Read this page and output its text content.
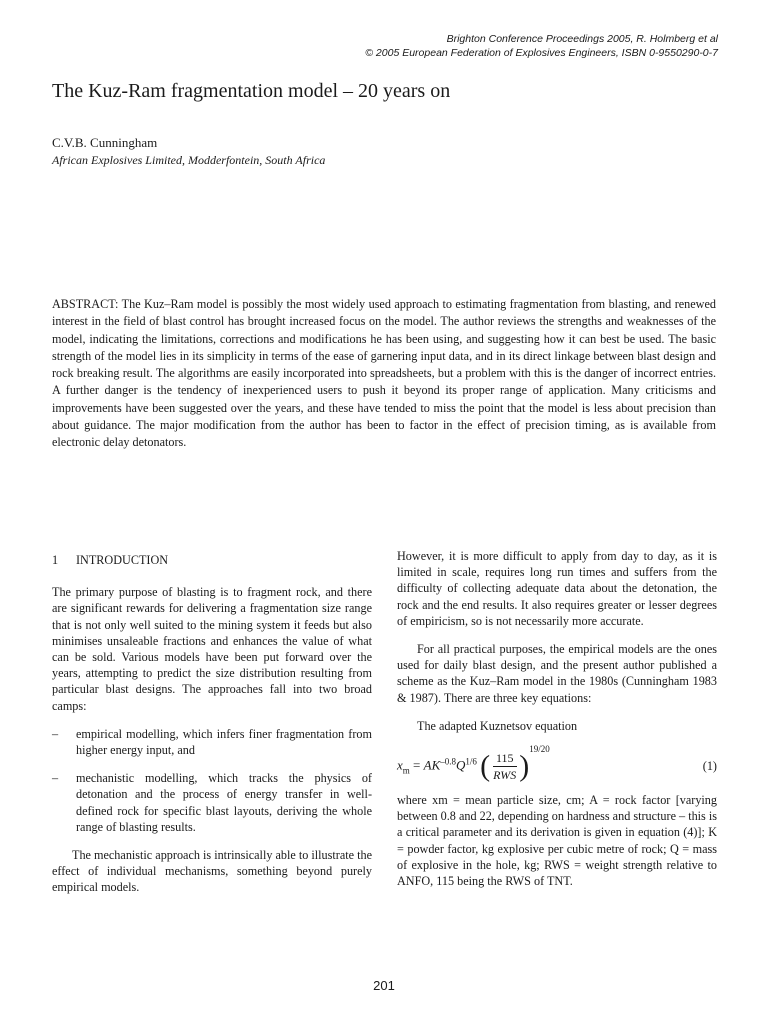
Brighton Conference Proceedings 2005, R. Holmberg et al
© 2005 European Federation of Explosives Engineers, ISBN 0-9550290-0-7
The Kuz-Ram fragmentation model – 20 years on
C.V.B. Cunningham
African Explosives Limited, Modderfontein, South Africa

ABSTRACT: The Kuz–Ram model is possibly the most widely used approach to estimating fragmentation from blasting, and renewed interest in the field of blast control has brought increased focus on the model. The author reviews the strengths and weaknesses of the model, indicating the limitations, corrections and modifications he has been using, and suggesting how it can best be used. The basic strength of the model lies in its simplicity in terms of the ease of garnering input data, and in its direct linkage between blast design and rock breaking result. The algorithms are easily incorporated into spreadsheets, but a problem with this is the danger of incorrect entries. A further danger is the tendency of inexperienced users to push it beyond its proper range of application. Many criticisms and improvements have been suggested over the years, and these have tended to miss the point that the model is less about precision than about guidance. The major modification from the author has been to factor in the effect of precision timing, as is available from electronic delay detonators.

1 INTRODUCTION

The primary purpose of blasting is to fragment rock, and there are significant rewards for delivering a fragmentation size range that is not only well suited to the mining system it feeds but also minimises unsaleable fractions and enhances the value of what can be sold. Various models have been put forward over the years, attempting to predict the size distribution resulting from particular blast designs. The approaches fall into two broad camps:

–	empirical modelling, which infers finer fragmentation from higher energy input, and
–	mechanistic modelling, which tracks the physics of detonation and the process of energy transfer in well-defined rock for specific blast layouts, deriving the whole range of blasting results.

The mechanistic approach is intrinsically able to illustrate the effect of individual mechanisms, something beyond purely empirical models.

However, it is more difficult to apply from day to day, as it is limited in scale, requires long run times and suffers from the difficulty of collecting adequate data about the detonation, the rock and the end results. It also requires greater or lesser degrees of empiricism, so is not necessarily more accurate.

For all practical purposes, the empirical models are the ones used for daily blast design, and the present author published a scheme as the Kuz–Ram model in the 1980s (Cunningham 1983 & 1987). There are three key equations:

The adapted Kuznetsov equation

$x_m = AK^{-0.8}Q^{1/6}$ ( $\frac{115}{\text{RWS}} )^{19/20}$
(1)

where xm = mean particle size, cm; A = rock factor [varying between 0.8 and 22, depending on hardness and structure – this is a critical parameter and its derivation is given in equation (4)]; K = powder factor, kg explosive per cubic metre of rock; Q = mass of explosive in the hole, kg; RWS = weight strength relative to ANFO, 115 being the RWS of TNT.

201
